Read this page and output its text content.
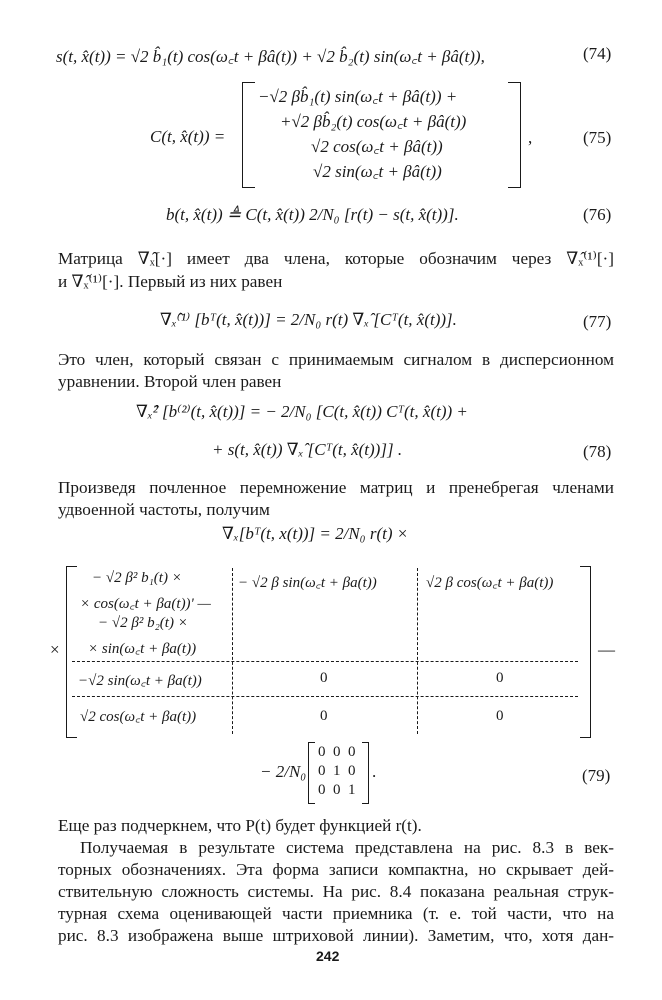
s(t, x̂(t)) = √2 b̂₁(t) cos(ω꜀t + βâ(t)) + √2 b̂₂(t) sin(ω꜀t + βâ(t)),	(74)
C(t, x̂(t)) =
−√2 βb̂₁(t) sin(ω꜀t + βâ(t)) +
+√2 βb̂₂(t) cos(ω꜀t + βâ(t))
√2 cos(ω꜀t + βâ(t))
√2 sin(ω꜀t + βâ(t))
,	(75)
b(t, x̂(t)) ≜ C(t, x̂(t)) 2/N₀ [r(t) − s(t, x̂(t))].	(76)
Матрица ∇ₓ̂[·] имеет два члена, которые обозначим через ∇ₓ̂⁽¹⁾[·]
и ∇ₓ̂⁽¹⁾[·]. Первый из них равен
∇ₓ̂⁽¹⁾ [bᵀ(t, x̂(t))] = 2/N₀ r(t) ∇ₓ̂ [Cᵀ(t, x̂(t))].	(77)
Это член, который связан с принимаемым сигналом в дисперсионном
уравнении. Второй член равен
∇ₓ̂² [b⁽²⁾(t, x̂(t))] = − 2/N₀ [C(t, x̂(t)) Cᵀ(t, x̂(t)) +
+ s(t, x̂(t)) ∇ₓ̂ [Cᵀ(t, x̂(t))]] .	(78)
Произведя почленное перемножение матриц и пренебрегая членами
удвоенной частоты, получим
∇ₓ[bᵀ(t, x(t))] = 2/N₀ r(t) ×
×	—
− √2 β² b₁(t) ×
× cos(ω꜀t + βa(t))' —
− √2 β² b₂(t) ×
× sin(ω꜀t + βa(t))
− √2 β sin(ω꜀t + βa(t))	√2 β cos(ω꜀t + βa(t))
−√2 sin(ω꜀t + βa(t))	0	0
√2 cos(ω꜀t + βa(t))	0	0
− 2/N₀
0 0 0
0 1 0
0 0 1
.	(79)
Еще раз подчеркнем, что P(t) будет функцией r(t).
Получаемая в результате система представлена на рис. 8.3 в век-
торных обозначениях. Эта форма записи компактна, но скрывает дей-
ствительную сложность системы. На рис. 8.4 показана реальная струк-
турная схема оценивающей части приемника (т. е. той части, что на
рис. 8.3 изображена выше штриховой линии). Заметим, что, хотя дан-
242
